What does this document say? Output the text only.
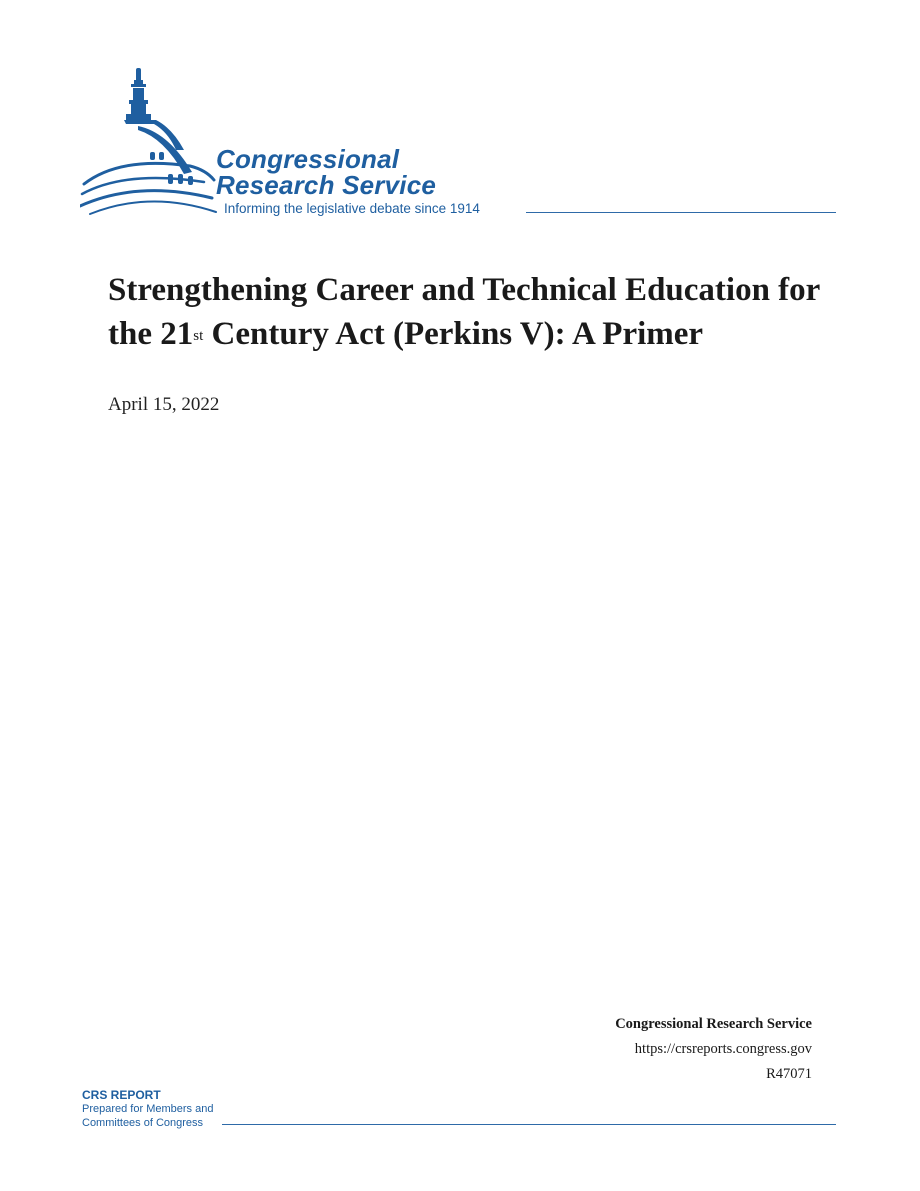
Congressional
Research Service
Informing the legislative debate since 1914
Strengthening Career and Technical Education for the 21st Century Act (Perkins V): A Primer
April 15, 2022
Congressional Research Service
https://crsreports.congress.gov
R47071
CRS REPORT
Prepared for Members and
Committees of Congress
